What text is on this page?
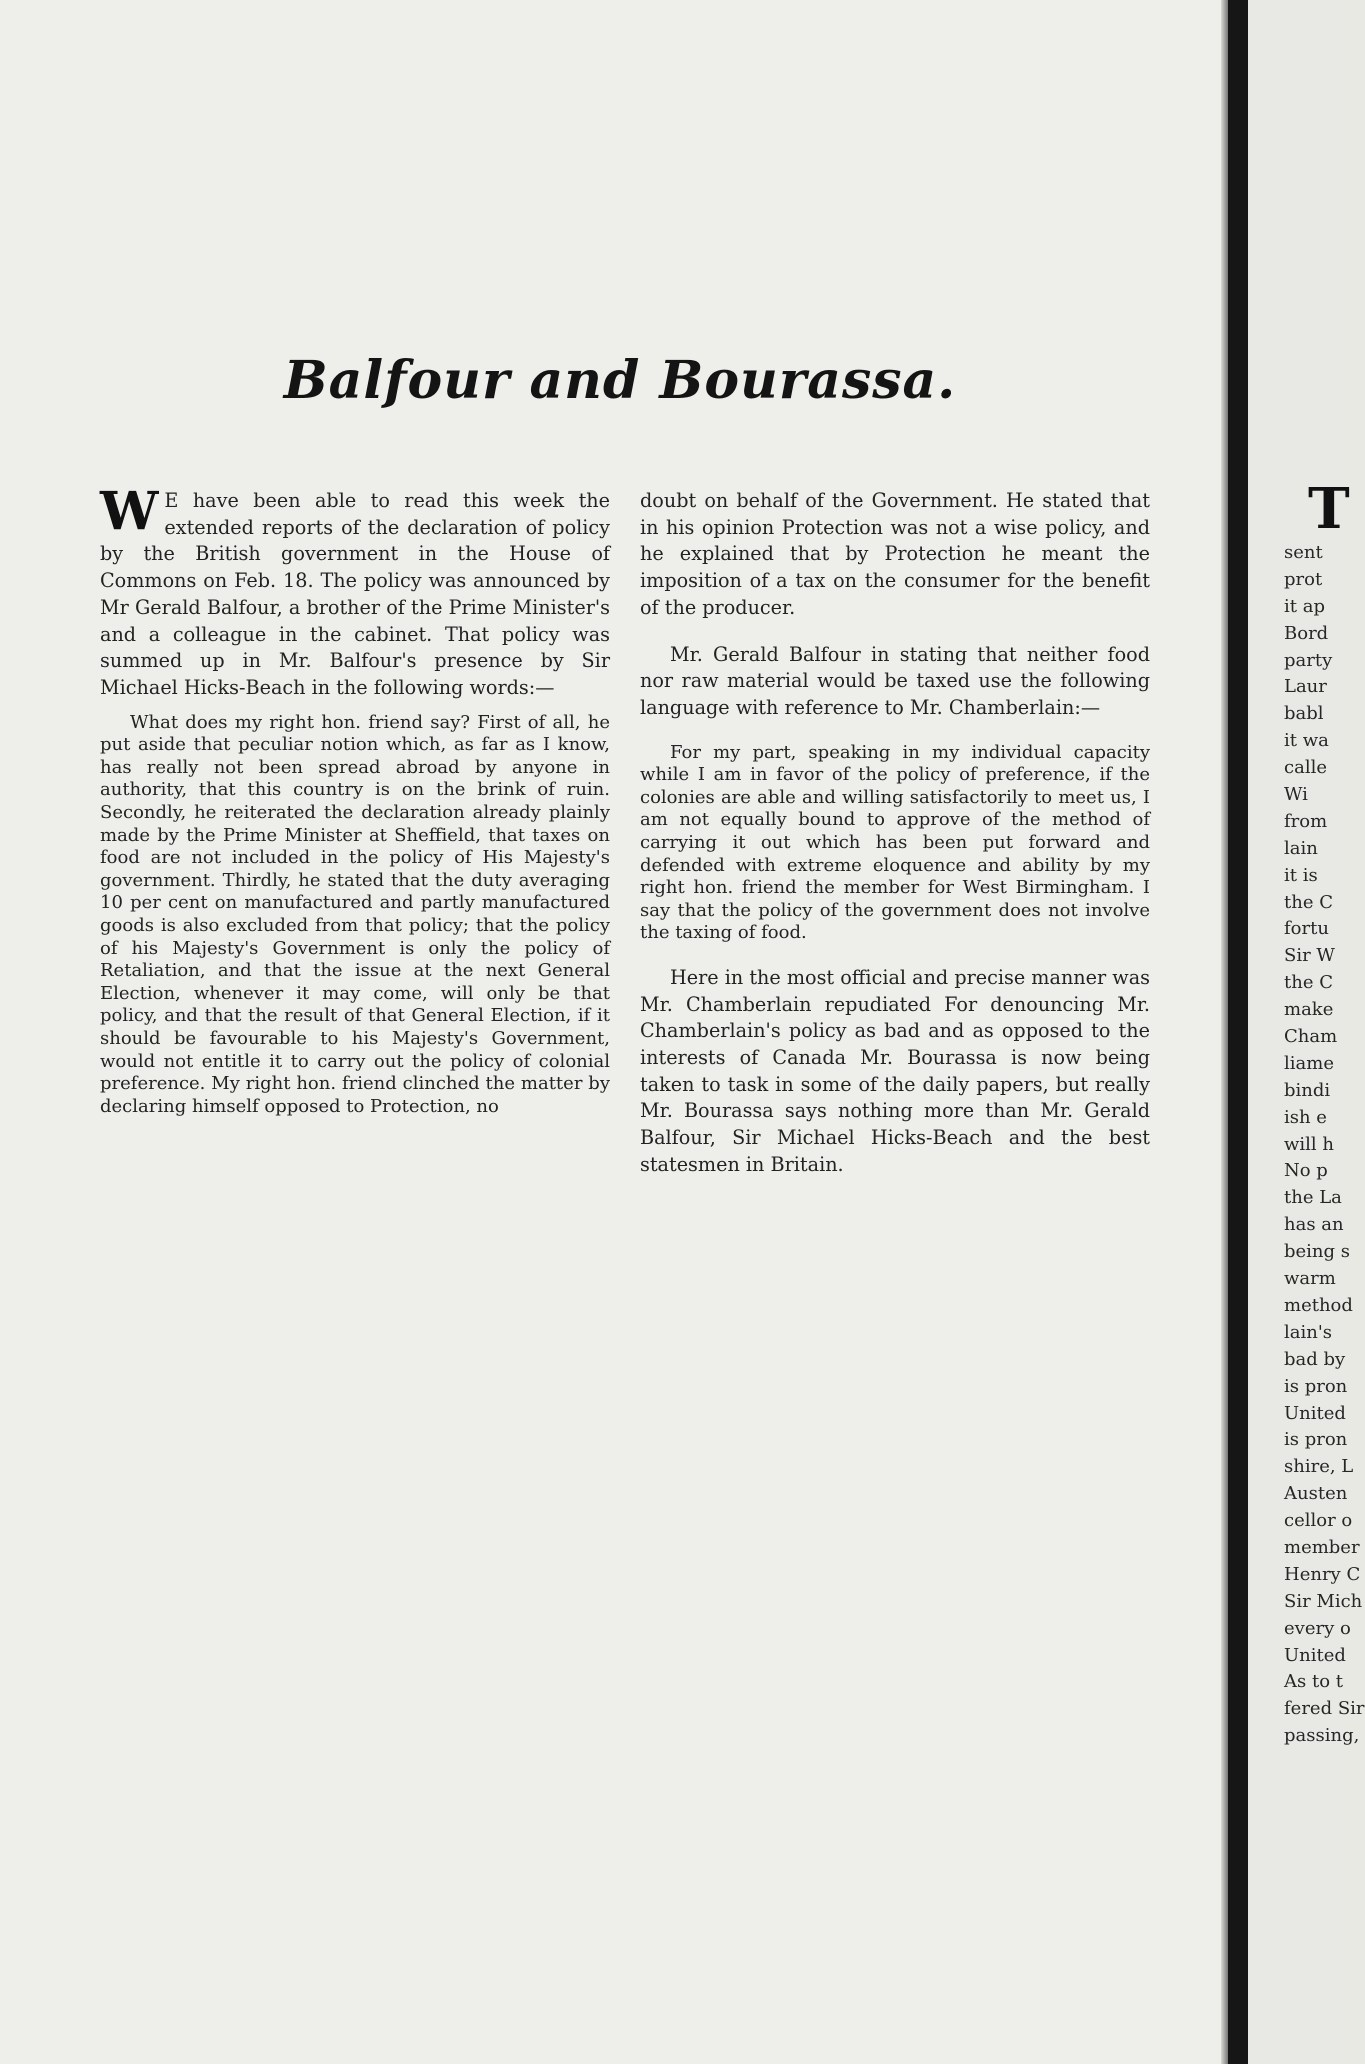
Balfour and Bourassa.

W E have been able to read this week the extended reports of the declaration of policy by the British government in the House of Commons on Feb. 18. The policy was announced by Mr Gerald Balfour, a brother of the Prime Minister's and a colleague in the cabinet. That policy was summed up in Mr. Balfour's presence by Sir Michael Hicks-Beach in the following words:—

What does my right hon. friend say? First of all, he put aside that peculiar notion which, as far as I know, has really not been spread abroad by anyone in authority, that this country is on the brink of ruin. Secondly, he reiterated the declaration already plainly made by the Prime Minister at Sheffield, that taxes on food are not included in the policy of His Majesty's government. Thirdly, he stated that the duty averaging 10 per cent on manufactured and partly manufactured goods is also excluded from that policy; that the policy of his Majesty's Government is only the policy of Retaliation, and that the issue at the next General Election, whenever it may come, will only be that policy, and that the result of that General Election, if it should be favourable to his Majesty's Government, would not entitle it to carry out the policy of colonial preference. My right hon. friend clinched the matter by declaring himself opposed to Protection, no

doubt on behalf of the Government. He stated that in his opinion Protection was not a wise policy, and he explained that by Protection he meant the imposition of a tax on the consumer for the benefit of the producer.

Mr. Gerald Balfour in stating that neither food nor raw material would be taxed use the following language with reference to Mr. Chamberlain:—

For my part, speaking in my individual capacity while I am in favor of the policy of preference, if the colonies are able and willing satisfactorily to meet us, I am not equally bound to approve of the method of carrying it out which has been put forward and defended with extreme eloquence and ability by my right hon. friend the member for West Birmingham. I say that the policy of the government does not involve the taxing of food.

Here in the most official and precise manner was Mr. Chamberlain repudiated For denouncing Mr. Chamberlain's policy as bad and as opposed to the interests of Canada Mr. Bourassa is now being taken to task in some of the daily papers, but really Mr. Bourassa says nothing more than Mr. Gerald Balfour, Sir Michael Hicks-Beach and the best statesmen in Britain.

T
sent
prot
it ap
Bord
party
Laur
babl
it wa
calle
Wi
from
lain
it is
the C
fortu
Sir W
the C
make
Cham
liame
bindi
ish e
will h
No p
the La
has an
being s
warm
method
lain's
bad by
is pron
United
is pron
shire, L
Austen
cellor o
member
Henry C
Sir Mich
every o
United
As to t
fered Sir
passing,
